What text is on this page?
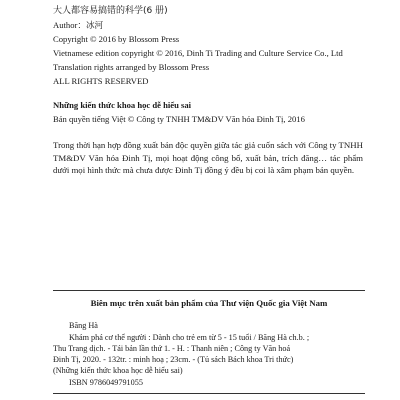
大人都容易搞错的科学(6 册)
Author：冰河
Copyright © 2016 by Blossom Press
Vietnamese edition copyright © 2016, Dinh Ti Trading and Culture Service Co., Ltd
Translation rights arranged by Blossom Press
ALL RIGHTS RESERVED
Những kiến thức khoa học dễ hiểu sai
Bản quyền tiếng Việt © Công ty TNHH TM&DV Văn hóa Đinh Tị, 2016
Trong thời hạn hợp đồng xuất bản độc quyền giữa tác giả cuốn sách với Công ty TNHH TM&DV Văn hóa Đinh Tị, mọi hoạt động công bố, xuất bản, trích đăng… tác phẩm dưới mọi hình thức mà chưa được Đinh Tị đồng ý đều bị coi là xâm phạm bản quyền.
Biên mục trên xuất bản phẩm của Thư viện Quốc gia Việt Nam
Băng Hà
Khám phá cơ thể người : Dành cho trẻ em từ 5 - 15 tuổi / Băng Hà ch.b. ;
Thu Trang dịch. - Tái bản lần thứ 1. - H. : Thanh niên ; Công ty Văn hoá
Đinh Tị, 2020. - 132tr. : minh hoạ ; 23cm. - (Tủ sách Bách khoa Tri thức)
(Những kiến thức khoa học dễ hiểu sai)
ISBN 9786049791055
